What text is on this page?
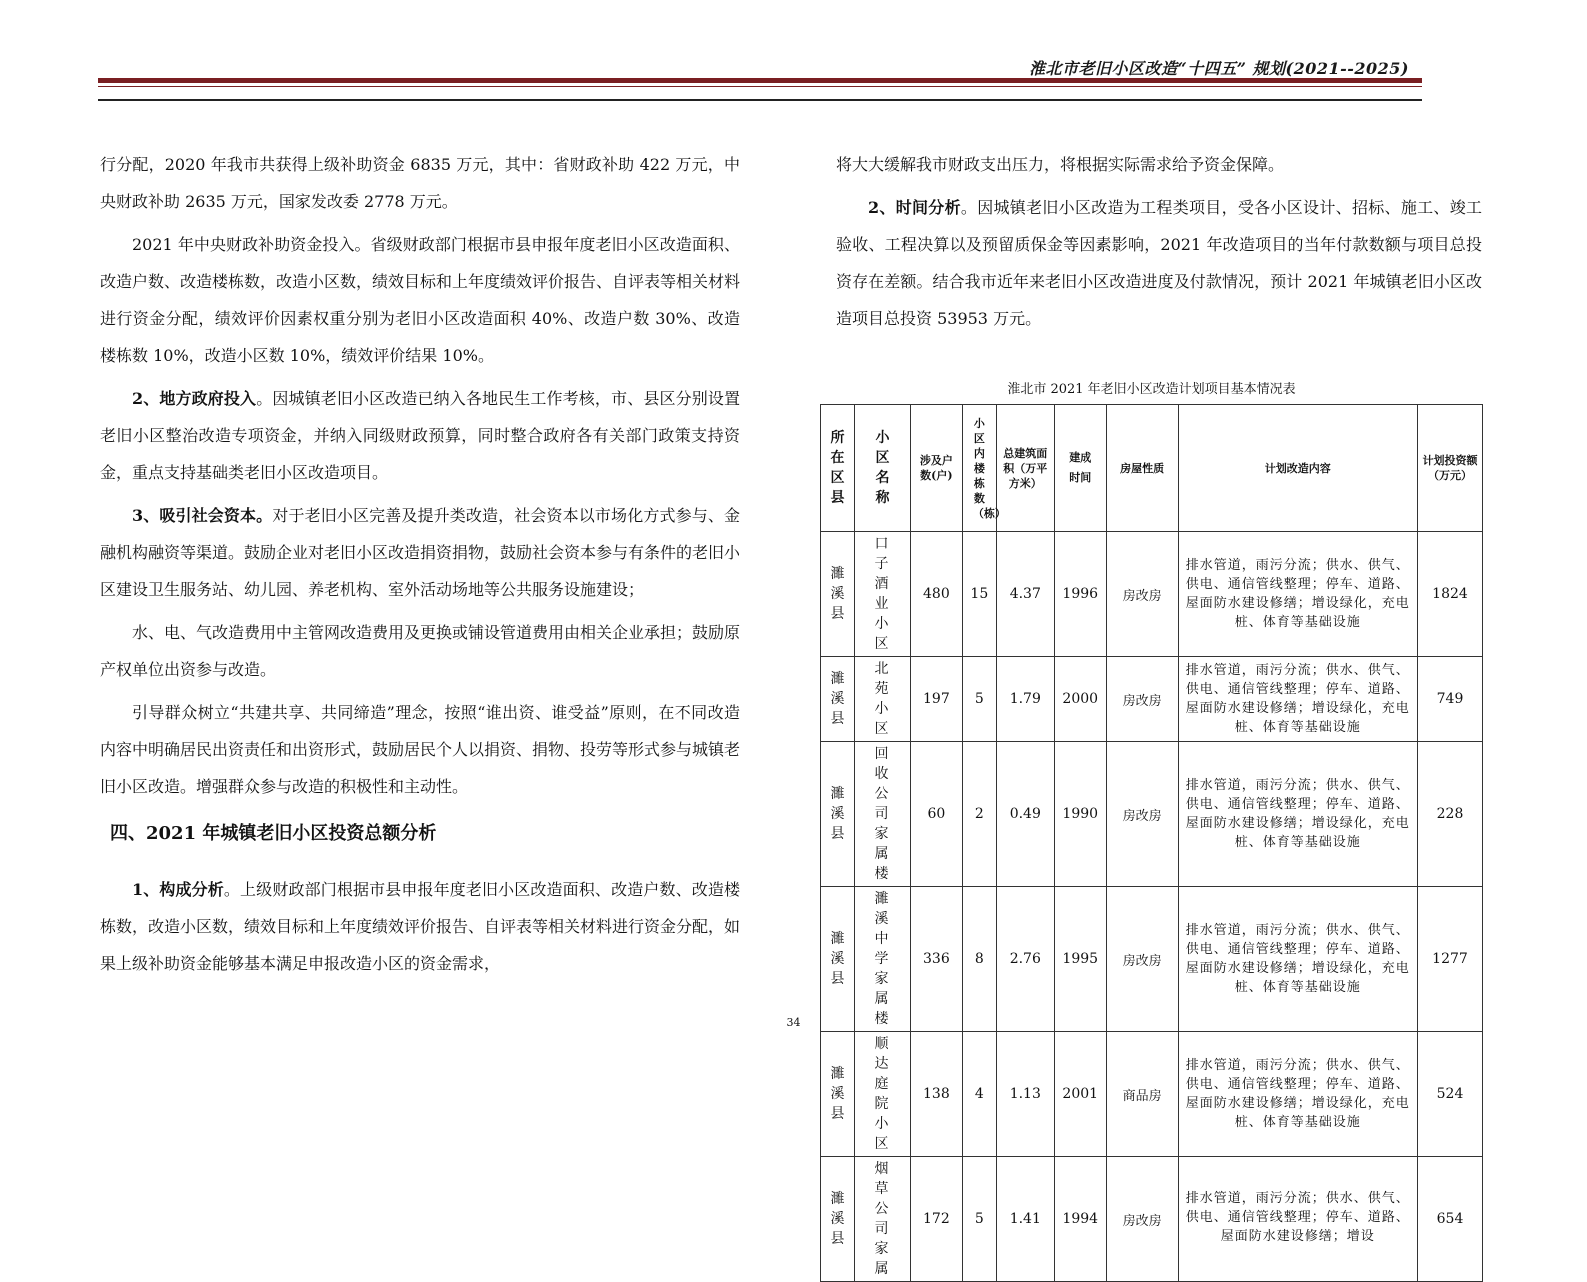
淮北市老旧小区改造“十四五” 规划(2021--2025)

行分配，2020 年我市共获得上级补助资金 6835 万元，其中：省财政补助 422 万元，中央财政补助 2635 万元，国家发改委 2778 万元。

2021 年中央财政补助资金投入。省级财政部门根据市县申报年度老旧小区改造面积、改造户数、改造楼栋数，改造小区数，绩效目标和上年度绩效评价报告、自评表等相关材料进行资金分配，绩效评价因素权重分别为老旧小区改造面积 40%、改造户数 30%、改造楼栋数 10%，改造小区数 10%，绩效评价结果 10%。

2、地方政府投入。因城镇老旧小区改造已纳入各地民生工作考核，市、县区分别设置老旧小区整治改造专项资金，并纳入同级财政预算，同时整合政府各有关部门政策支持资金，重点支持基础类老旧小区改造项目。

3、吸引社会资本。对于老旧小区完善及提升类改造，社会资本以市场化方式参与、金融机构融资等渠道。鼓励企业对老旧小区改造捐资捐物，鼓励社会资本参与有条件的老旧小区建设卫生服务站、幼儿园、养老机构、室外活动场地等公共服务设施建设；

水、电、气改造费用中主管网改造费用及更换或铺设管道费用由相关企业承担；鼓励原产权单位出资参与改造。

引导群众树立“共建共享、共同缔造”理念，按照“谁出资、谁受益”原则，在不同改造内容中明确居民出资责任和出资形式，鼓励居民个人以捐资、捐物、投劳等形式参与城镇老旧小区改造。增强群众参与改造的积极性和主动性。

四、2021 年城镇老旧小区投资总额分析

1、构成分析。上级财政部门根据市县申报年度老旧小区改造面积、改造户数、改造楼栋数，改造小区数，绩效目标和上年度绩效评价报告、自评表等相关材料进行资金分配，如果上级补助资金能够基本满足申报改造小区的资金需求，

将大大缓解我市财政支出压力，将根据实际需求给予资金保障。

2、时间分析。因城镇老旧小区改造为工程类项目，受各小区设计、招标、施工、竣工验收、工程决算以及预留质保金等因素影响，2021 年改造项目的当年付款数额与项目总投资存在差额。结合我市近年来老旧小区改造进度及付款情况，预计 2021 年城镇老旧小区改造项目总投资 53953 万元。

淮北市 2021 年老旧小区改造计划项目基本情况表
所在区县	小区名称	涉及户数(户)	小区内楼栋数（栋）	总建筑面积（万平方米）	建成时间	房屋性质	计划改造内容	计划投资额（万元）
濉溪县	口子酒业小区	480	15	4.37	1996	房改房	排水管道，雨污分流；供水、供气、供电、通信管线整理；停车、道路、屋面防水建设修缮；增设绿化，充电桩、体育等基础设施	1824
濉溪县	北苑小区	197	5	1.79	2000	房改房	排水管道，雨污分流；供水、供气、供电、通信管线整理；停车、道路、屋面防水建设修缮；增设绿化，充电桩、体育等基础设施	749
濉溪县	回收公司家属楼	60	2	0.49	1990	房改房	排水管道，雨污分流；供水、供气、供电、通信管线整理；停车、道路、屋面防水建设修缮；增设绿化，充电桩、体育等基础设施	228
濉溪县	濉溪中学家属楼	336	8	2.76	1995	房改房	排水管道，雨污分流；供水、供气、供电、通信管线整理；停车、道路、屋面防水建设修缮；增设绿化，充电桩、体育等基础设施	1277
濉溪县	顺达庭院小区	138	4	1.13	2001	商品房	排水管道，雨污分流；供水、供气、供电、通信管线整理；停车、道路、屋面防水建设修缮；增设绿化，充电桩、体育等基础设施	524
濉溪县	烟草公司家属	172	5	1.41	1994	房改房	排水管道，雨污分流；供水、供气、供电、通信管线整理；停车、道路、屋面防水建设修缮；增设	654
34
